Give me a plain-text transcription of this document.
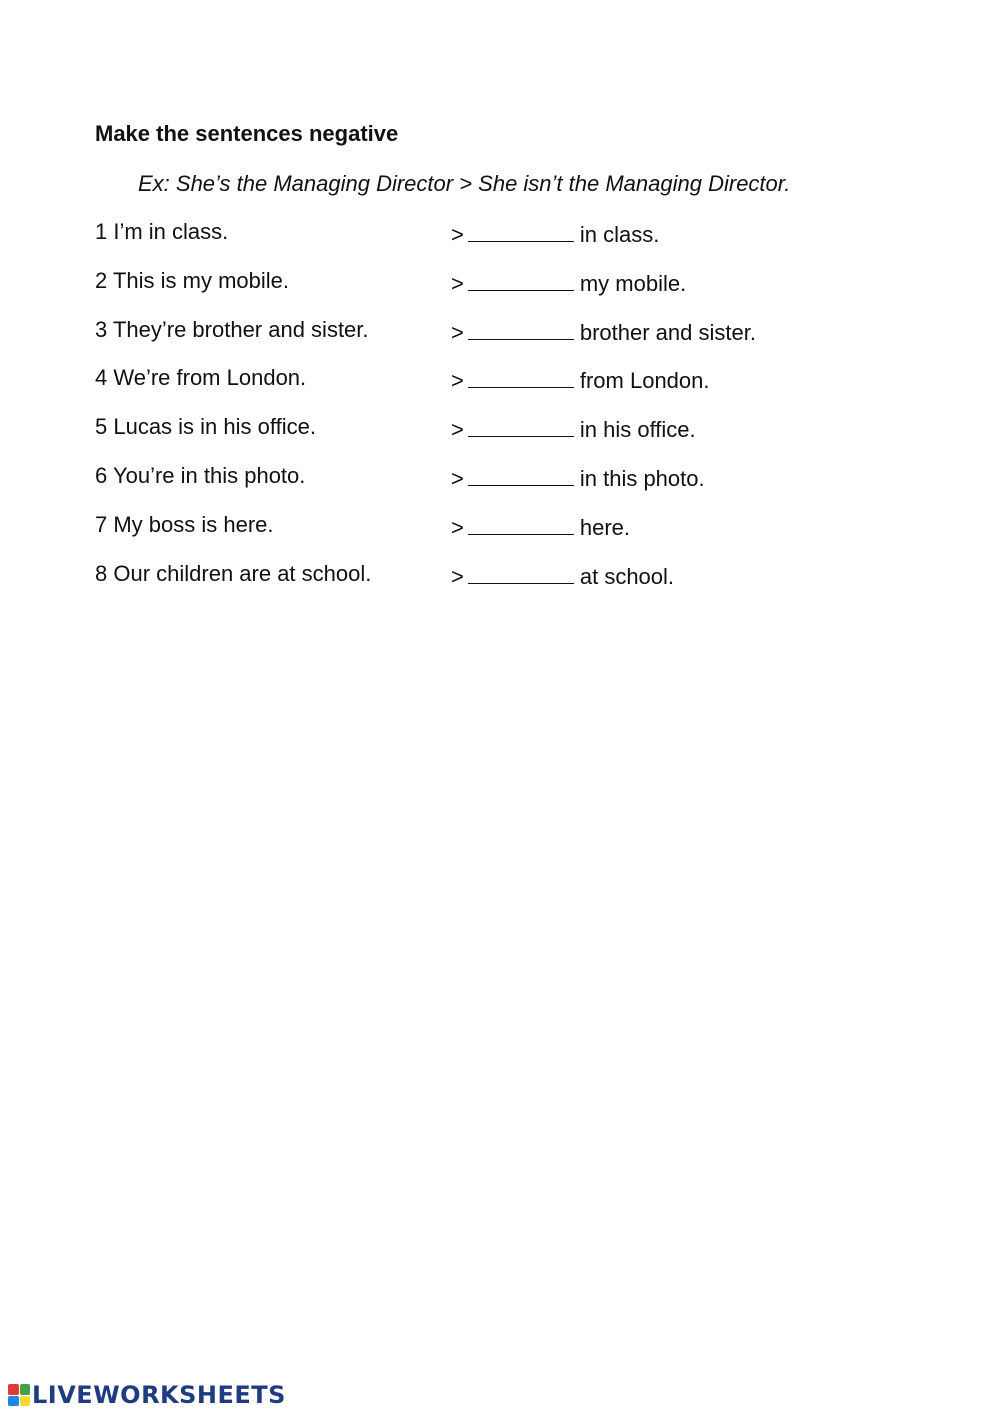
Make the sentences negative
Ex: She’s the Managing Director > She isn’t the Managing Director.
1 I’m in class.	>	in class.
2 This is my mobile.	>	my mobile.
3 They’re brother and sister.	>	brother and sister.
4 We’re from London.	>	from London.
5 Lucas is in his office.	>	in his office.
6 You’re in this photo.	>	in this photo.
7 My boss is here.	>	here.
8 Our children are at school.	>	at school.
LIVEWORKSHEETS
